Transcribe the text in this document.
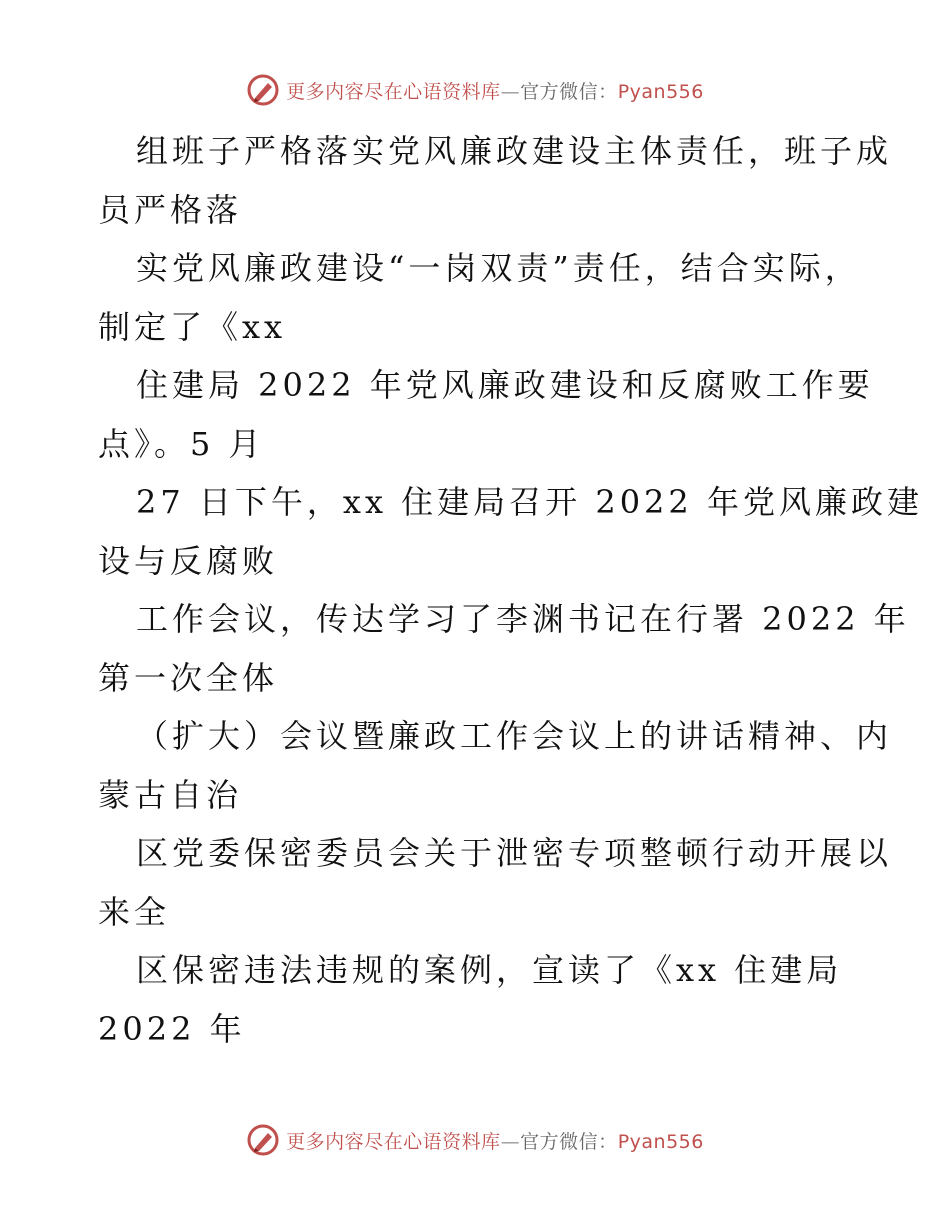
更多内容尽在心语资料库—官方微信：Pyan556
组班子严格落实党风廉政建设主体责任，班子成
员严格落
实党风廉政建设“一岗双责”责任，结合实际，
制定了《xx
住建局 2022 年党风廉政建设和反腐败工作要
点》。5 月
27 日下午，xx 住建局召开 2022 年党风廉政建
设与反腐败
工作会议，传达学习了李渊书记在行署 2022 年
第一次全体
（扩大）会议暨廉政工作会议上的讲话精神、内
蒙古自治
区党委保密委员会关于泄密专项整顿行动开展以
来全
区保密违法违规的案例，宣读了《xx 住建局
2022 年
更多内容尽在心语资料库—官方微信：Pyan556
